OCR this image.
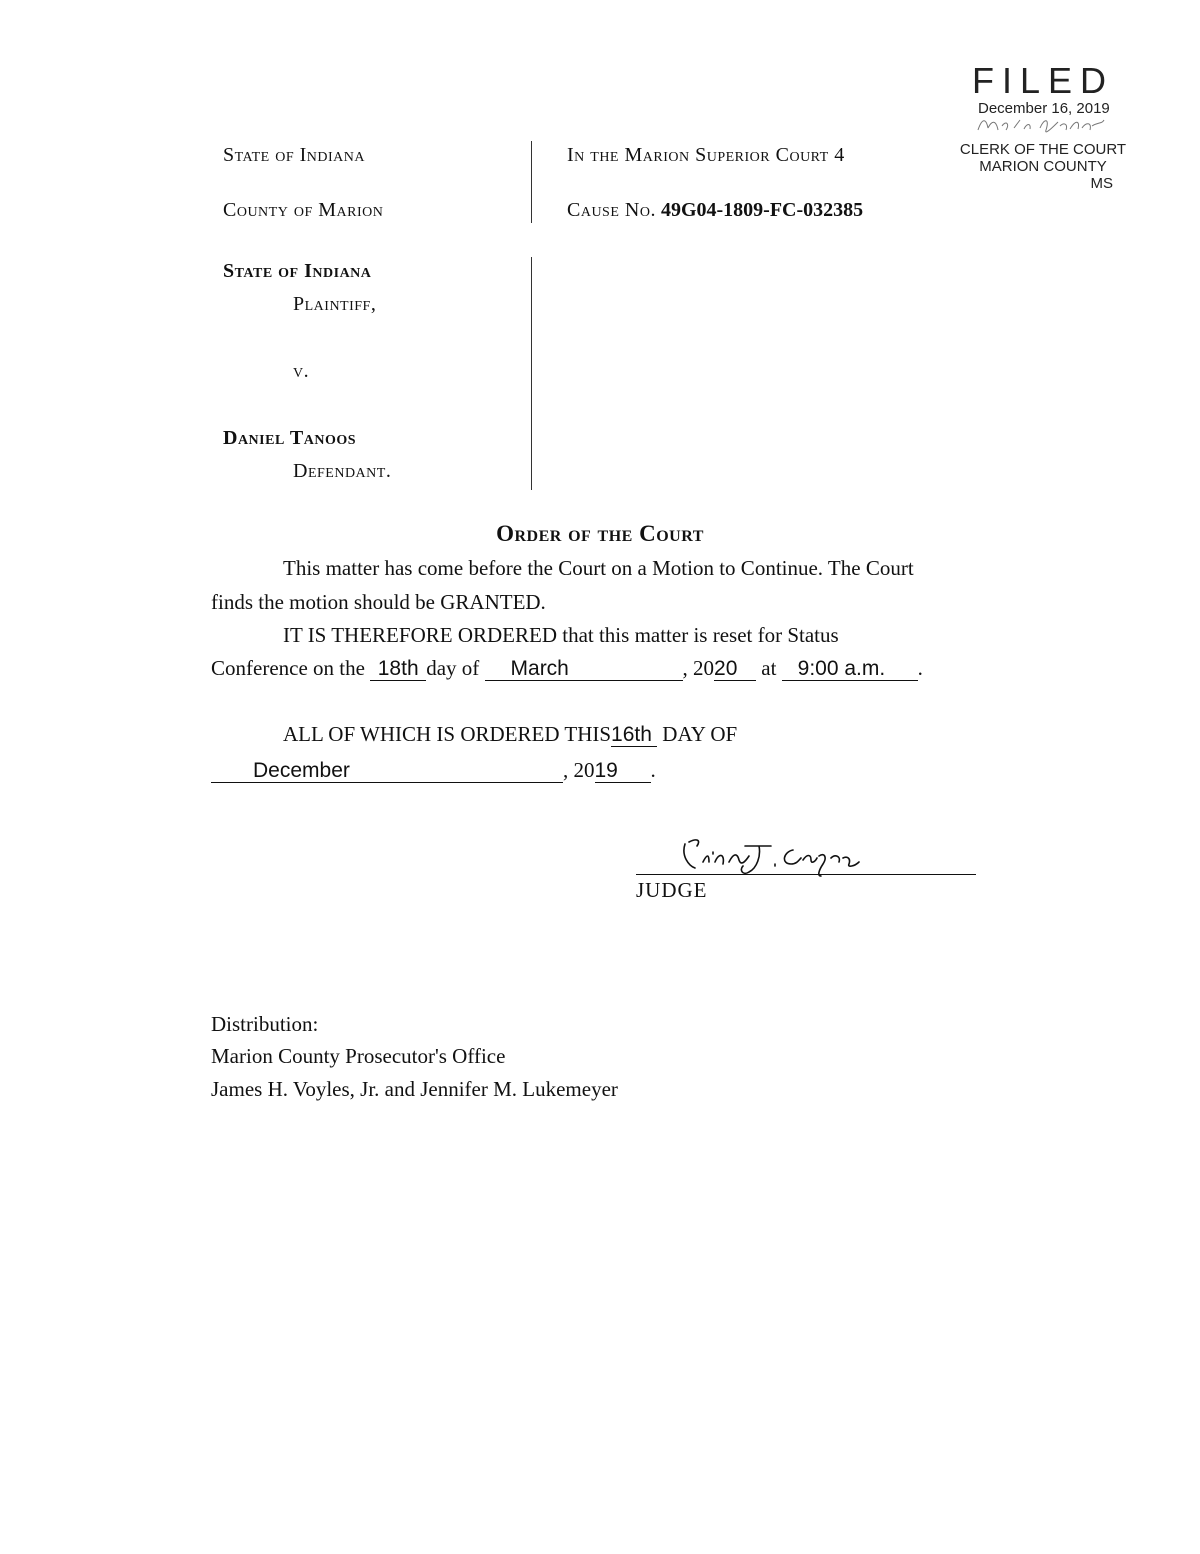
FILED
December 16, 2019
CLERK OF THE COURT
MARION COUNTY
MS
State of Indiana
County of Marion
In the Marion Superior Court 4
Cause No. 49G04-1809-FC-032385
State of Indiana
Plaintiff,
v.
Daniel Tanoos
Defendant.
Order of the Court
This matter has come before the Court on a Motion to Continue. The Court
finds the motion should be GRANTED.
IT IS THEREFORE ORDERED that this matter is reset for Status
Conference on the 18th day of March	, 2020 at 9:00 a.m. .
ALL OF WHICH IS ORDERED THIS16th DAY OF
December	, 2019 .
JUDGE
Distribution:
Marion County Prosecutor's Office
James H. Voyles, Jr. and Jennifer M. Lukemeyer
